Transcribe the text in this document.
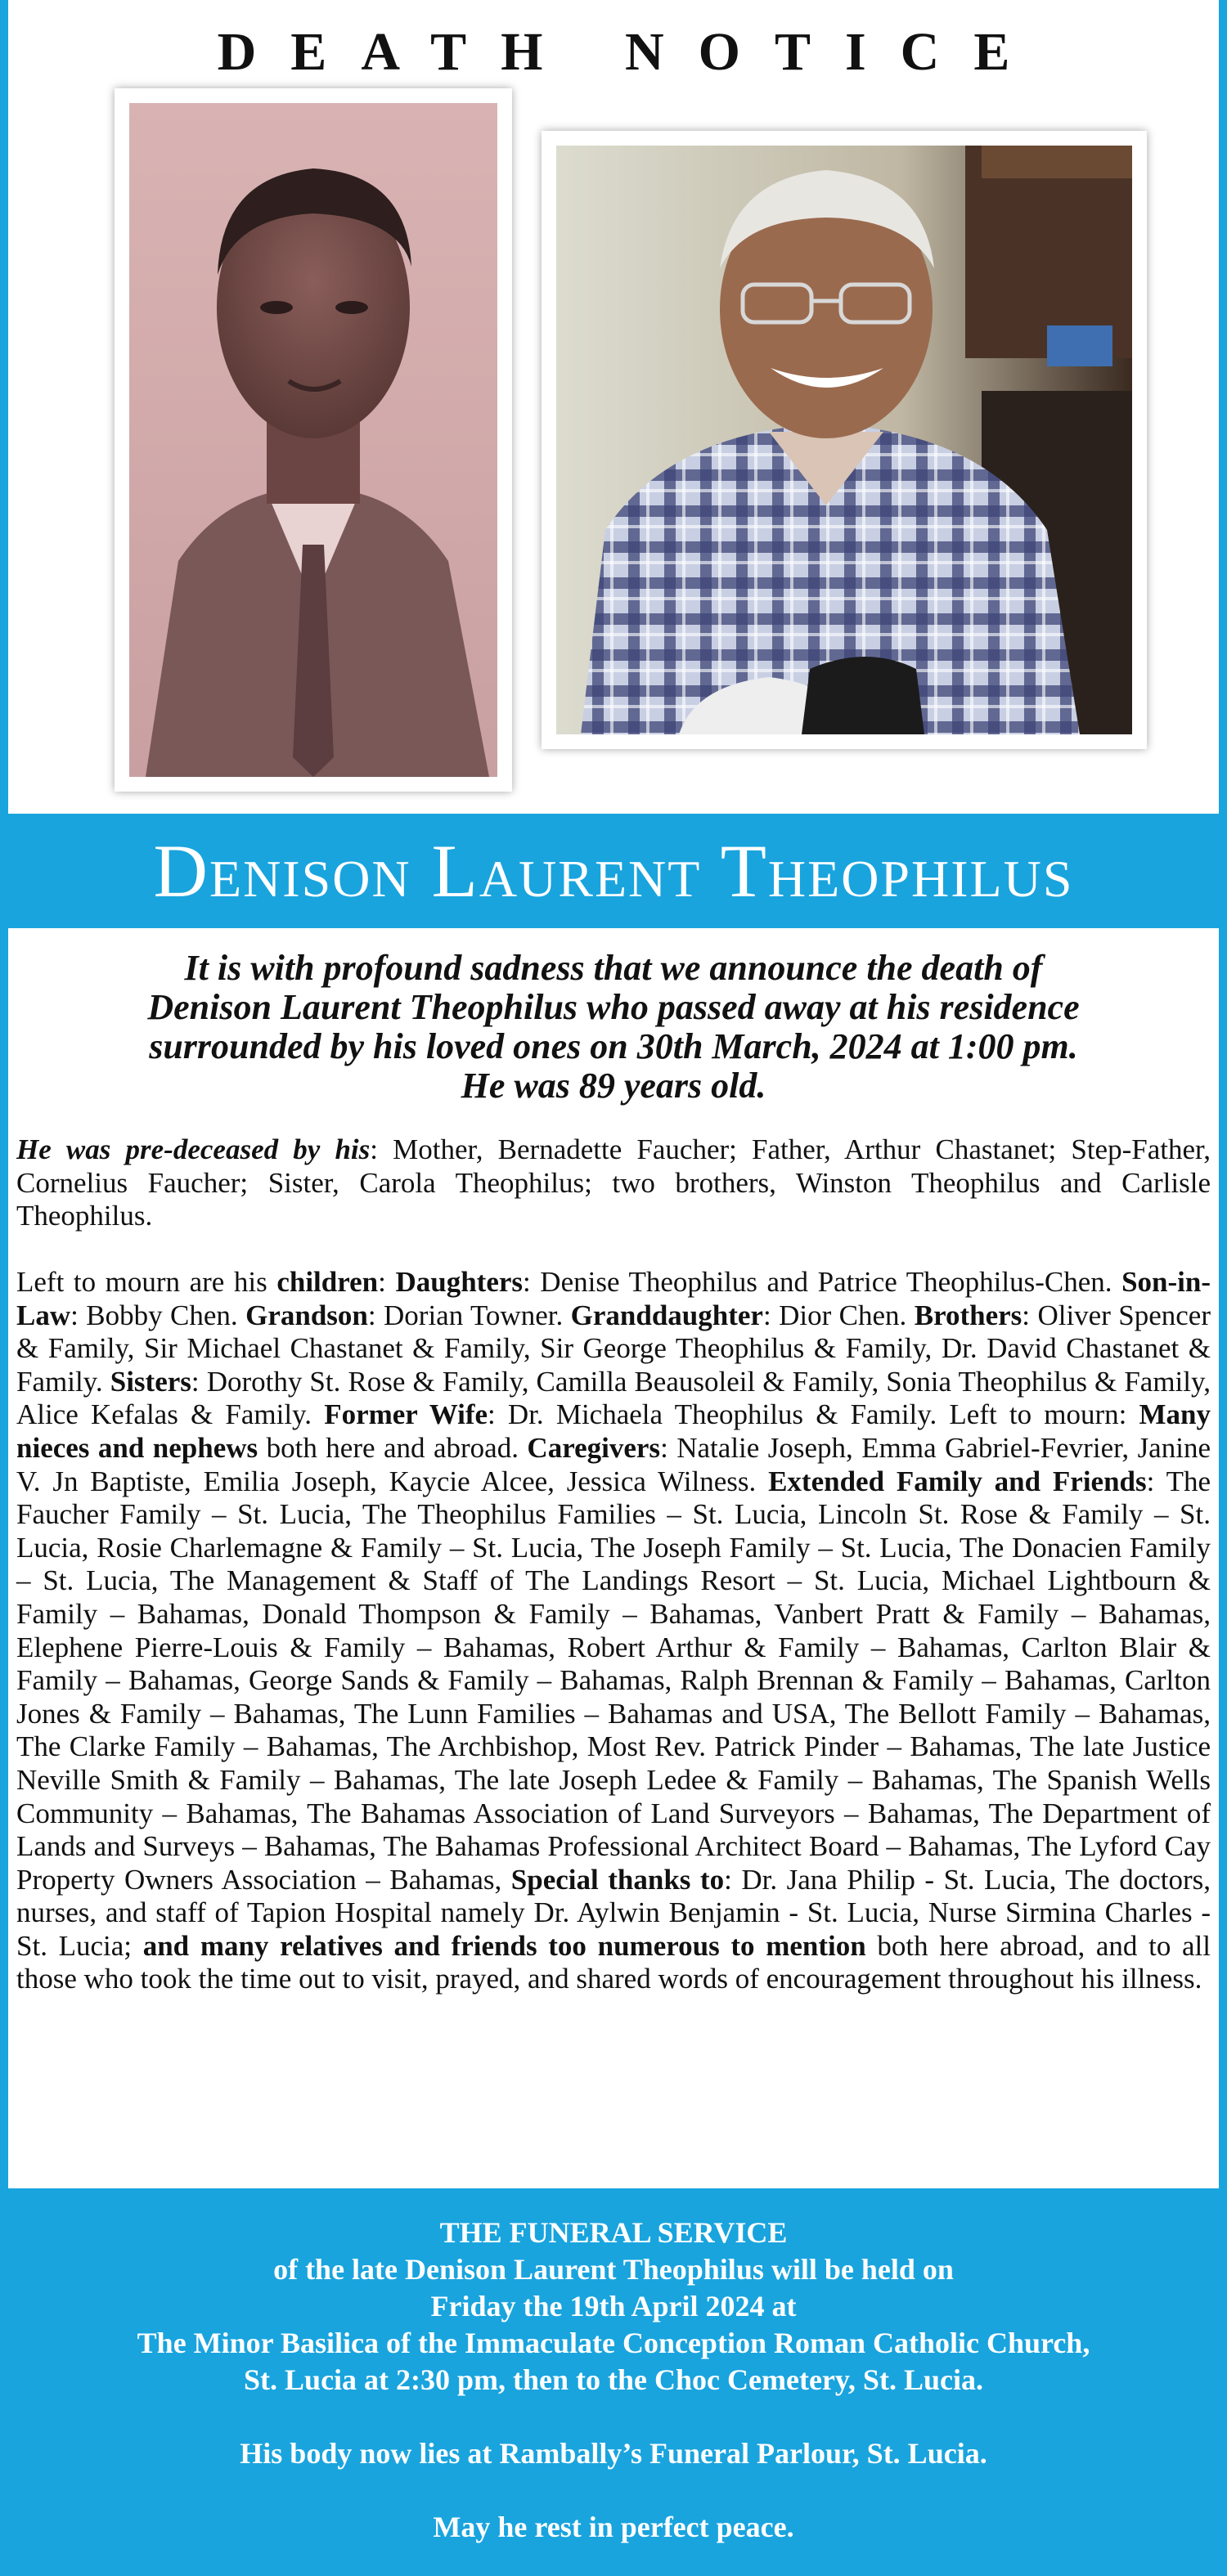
DEATH NOTICE
Denison Laurent Theophilus
It is with profound sadness that we announce the death of
Denison Laurent Theophilus who passed away at his residence
surrounded by his loved ones on 30th March, 2024 at 1:00 pm.
He was 89 years old.

He was pre-deceased by his: Mother, Bernadette Faucher; Father, Arthur Chastanet; Step-Father, Cornelius Faucher; Sister, Carola Theophilus; two brothers, Winston Theophilus and Carlisle Theophilus.

Left to mourn are his children: Daughters: Denise Theophilus and Patrice Theophilus-Chen. Son-in-Law: Bobby Chen. Grandson: Dorian Towner. Granddaughter: Dior Chen. Brothers: Oliver Spencer & Family, Sir Michael Chastanet & Family, Sir George Theophilus & Family, Dr. David Chastanet & Family. Sisters: Dorothy St. Rose & Family, Camilla Beausoleil & Family, Sonia Theophilus & Family, Alice Kefalas & Family. Former Wife: Dr. Michaela Theophilus & Family. Left to mourn: Many nieces and nephews both here and abroad. Caregivers: Natalie Joseph, Emma Gabriel-Fevrier, Janine V. Jn Baptiste, Emilia Joseph, Kaycie Alcee, Jessica Wilness. Extended Family and Friends: The Faucher Family – St. Lucia, The Theophilus Families – St. Lucia, Lincoln St. Rose & Family – St. Lucia, Rosie Charlemagne & Family – St. Lucia, The Joseph Family – St. Lucia, The Donacien Family – St. Lucia, The Management & Staff of The Landings Resort – St. Lucia, Michael Lightbourn & Family – Bahamas, Donald Thompson & Family – Bahamas, Vanbert Pratt & Family – Bahamas, Elephene Pierre-Louis & Family – Bahamas, Robert Arthur & Family – Bahamas, Carlton Blair & Family – Bahamas, George Sands & Family – Bahamas, Ralph Brennan & Family – Bahamas, Carlton Jones & Family – Bahamas, The Lunn Families – Bahamas and USA, The Bellott Family – Bahamas, The Clarke Family – Bahamas, The Archbishop, Most Rev. Patrick Pinder – Bahamas, The late Justice Neville Smith & Family – Bahamas, The late Joseph Ledee & Family – Bahamas, The Spanish Wells Community – Bahamas, The Bahamas Association of Land Surveyors – Bahamas, The Department of Lands and Surveys – Bahamas, The Bahamas Professional Architect Board – Bahamas, The Lyford Cay Property Owners Association – Bahamas, Special thanks to: Dr. Jana Philip - St. Lucia, The doctors, nurses, and staff of Tapion Hospital namely Dr. Aylwin Benjamin - St. Lucia, Nurse Sirmina Charles - St. Lucia; and many relatives and friends too numerous to mention both here abroad, and to all those who took the time out to visit, prayed, and shared words of encouragement throughout his illness.

THE FUNERAL SERVICE
of the late Denison Laurent Theophilus will be held on
Friday the 19th April 2024 at
The Minor Basilica of the Immaculate Conception Roman Catholic Church,
St. Lucia at 2:30 pm, then to the Choc Cemetery, St. Lucia.
His body now lies at Rambally’s Funeral Parlour, St. Lucia.
May he rest in perfect peace.
